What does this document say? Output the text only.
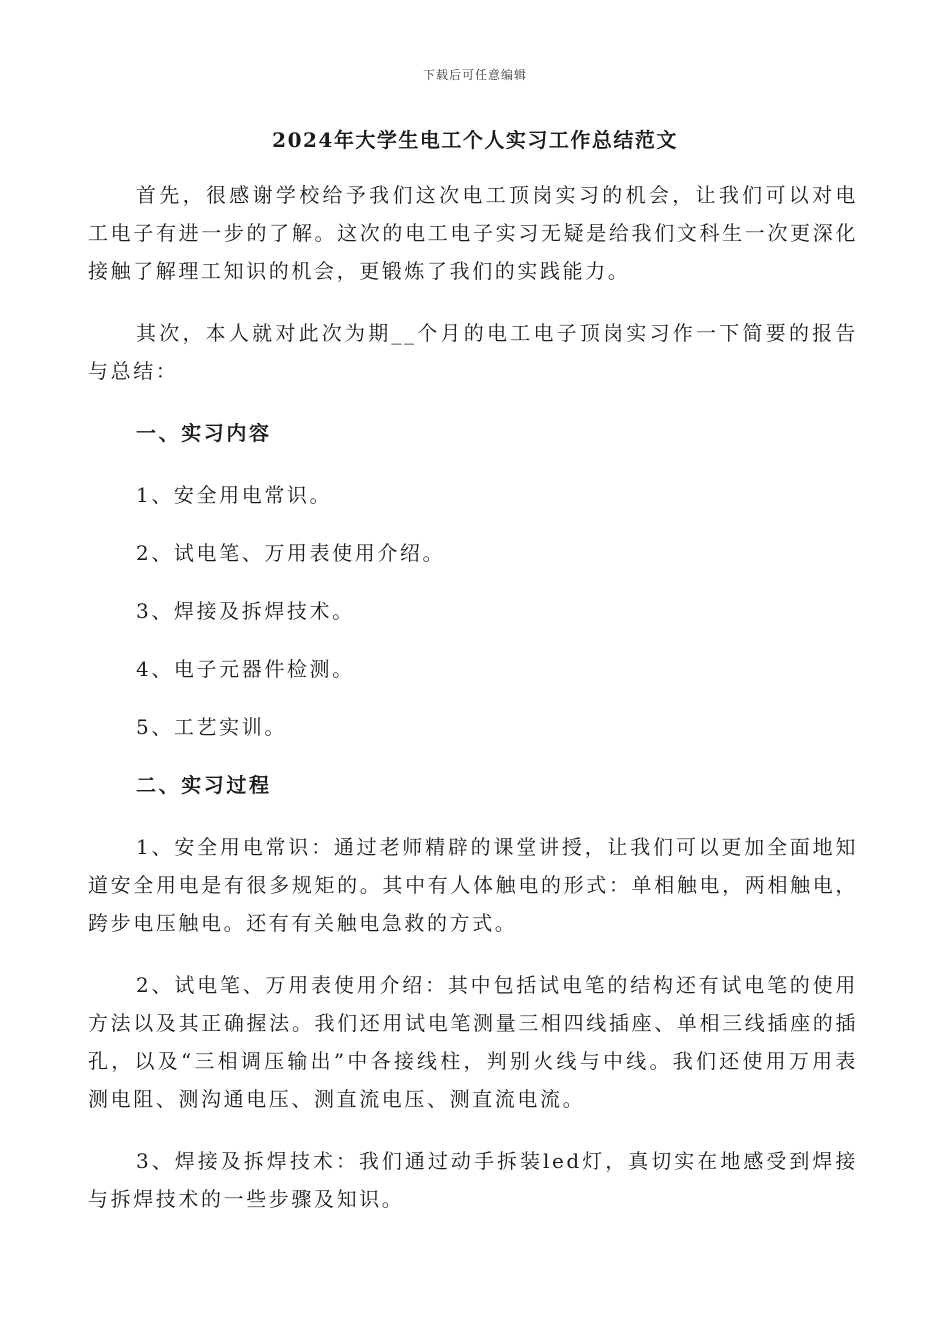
下载后可任意编辑
2024年大学生电工个人实习工作总结范文

首先，很感谢学校给予我们这次电工顶岗实习的机会，让我们可以对电工电子有进一步的了解。这次的电工电子实习无疑是给我们文科生一次更深化接触了解理工知识的机会，更锻炼了我们的实践能力。

其次，本人就对此次为期__个月的电工电子顶岗实习作一下简要的报告与总结：

一、实习内容

1、安全用电常识。

2、试电笔、万用表使用介绍。

3、焊接及拆焊技术。

4、电子元器件检测。

5、工艺实训。

二、实习过程

1、安全用电常识：通过老师精辟的课堂讲授，让我们可以更加全面地知道安全用电是有很多规矩的。其中有人体触电的形式：单相触电，两相触电，跨步电压触电。还有有关触电急救的方式。

2、试电笔、万用表使用介绍：其中包括试电笔的结构还有试电笔的使用方法以及其正确握法。我们还用试电笔测量三相四线插座、单相三线插座的插孔，以及“三相调压输出”中各接线柱，判别火线与中线。我们还使用万用表测电阻、测沟通电压、测直流电压、测直流电流。

3、焊接及拆焊技术：我们通过动手拆装led灯，真切实在地感受到焊接与拆焊技术的一些步骤及知识。
